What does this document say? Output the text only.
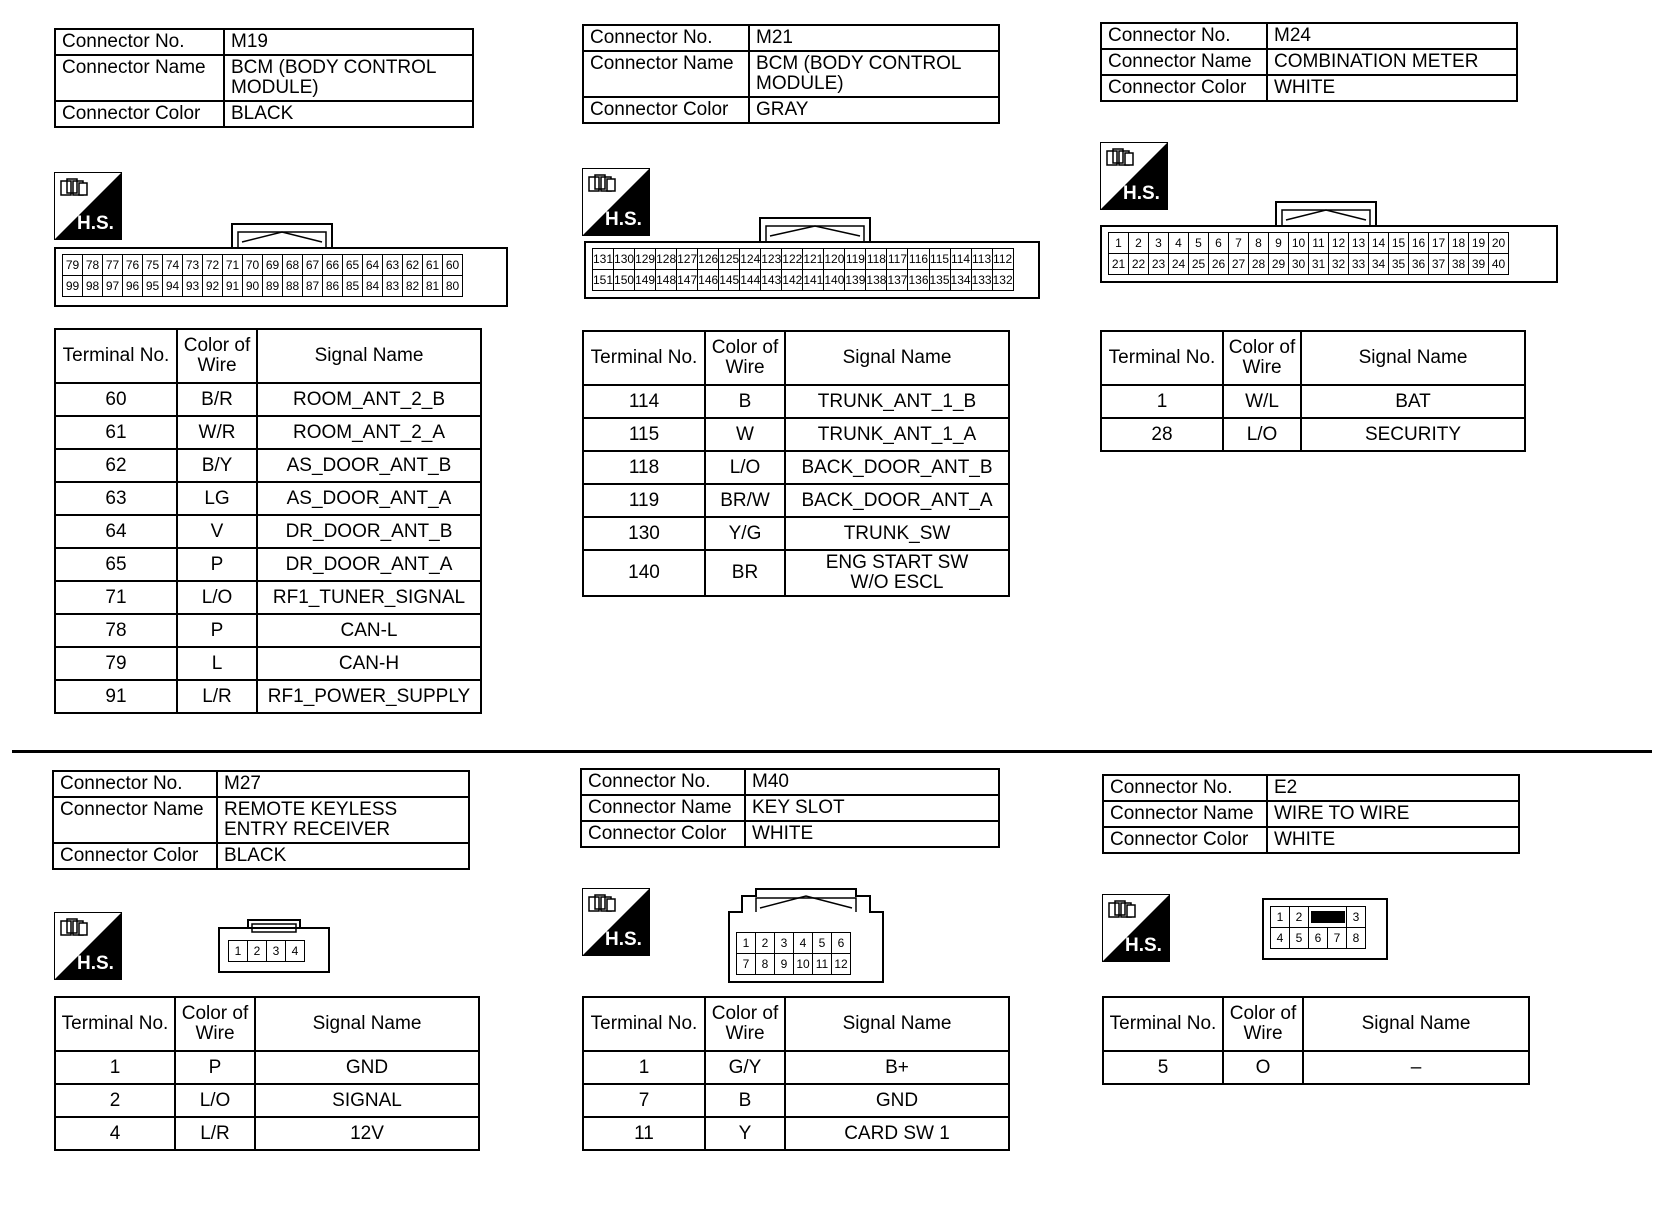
Connector No.	M19
Connector Name	BCM (BODY CONTROL MODULE)
Connector Color	BLACK
H.S.
79	78	77	76	75	74	73	72	71	70	69	68	67	66	65	64	63	62	61	60
99	98	97	96	95	94	93	92	91	90	89	88	87	86	85	84	83	82	81	80
Terminal No.	Color of Wire	Signal Name
60	B/R	ROOM_ANT_2_B
61	W/R	ROOM_ANT_2_A
62	B/Y	AS_DOOR_ANT_B
63	LG	AS_DOOR_ANT_A
64	V	DR_DOOR_ANT_B
65	P	DR_DOOR_ANT_A
71	L/O	RF1_TUNER_SIGNAL
78	P	CAN-L
79	L	CAN-H
91	L/R	RF1_POWER_SUPPLY
Connector No.	M21
Connector Name	BCM (BODY CONTROL MODULE)
Connector Color	GRAY
H.S.
131	130	129	128	127	126	125	124	123	122	121	120	119	118	117	116	115	114	113	112
151	150	149	148	147	146	145	144	143	142	141	140	139	138	137	136	135	134	133	132
Terminal No.	Color of Wire	Signal Name
114	B	TRUNK_ANT_1_B
115	W	TRUNK_ANT_1_A
118	L/O	BACK_DOOR_ANT_B
119	BR/W	BACK_DOOR_ANT_A
130	Y/G	TRUNK_SW
140	BR	ENG START SW W/O ESCL
Connector No.	M24
Connector Name	COMBINATION METER
Connector Color	WHITE
H.S.
1	2	3	4	5	6	7	8	9	10	11	12	13	14	15	16	17	18	19	20
21	22	23	24	25	26	27	28	29	30	31	32	33	34	35	36	37	38	39	40
Terminal No.	Color of Wire	Signal Name
1	W/L	BAT
28	L/O	SECURITY
Connector No.	M27
Connector Name	REMOTE KEYLESS ENTRY RECEIVER
Connector Color	BLACK
H.S.
1	2	3	4
Terminal No.	Color of Wire	Signal Name
1	P	GND
2	L/O	SIGNAL
4	L/R	12V
Connector No.	M40
Connector Name	KEY SLOT
Connector Color	WHITE
H.S.	1	2	3	4	5	6
7	8	9	10	11	12
Terminal No.	Color of Wire	Signal Name
1	G/Y	B+
7	B	GND
11	Y	CARD SW 1
Connector No.	E2
Connector Name	WIRE TO WIRE
Connector Color	WHITE
H.S.
1	2			3
4	5	6	7	8
Terminal No.	Color of Wire	Signal Name
5	O	–
